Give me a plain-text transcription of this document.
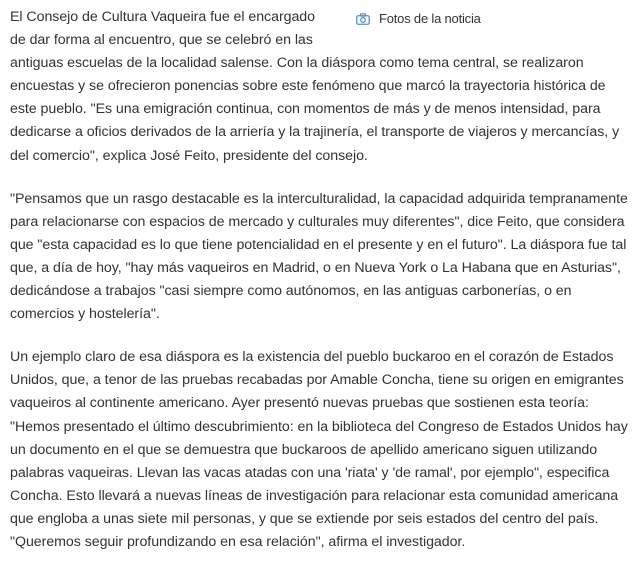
Fotos de la noticia

El Consejo de Cultura Vaqueira fue el encargado de dar forma al encuentro, que se celebró en las antiguas escuelas de la localidad salense. Con la diáspora como tema central, se realizaron encuestas y se ofrecieron ponencias sobre este fenómeno que marcó la trayectoria histórica de este pueblo. "Es una emigración continua, con momentos de más y de menos intensidad, para dedicarse a oficios derivados de la arriería y la trajinería, el transporte de viajeros y mercancías, y del comercio", explica José Feito, presidente del consejo.

"Pensamos que un rasgo destacable es la interculturalidad, la capacidad adquirida tempranamente para relacionarse con espacios de mercado y culturales muy diferentes", dice Feito, que considera que "esta capacidad es lo que tiene potencialidad en el presente y en el futuro". La diáspora fue tal que, a día de hoy, "hay más vaqueiros en Madrid, o en Nueva York o La Habana que en Asturias", dedicándose a trabajos "casi siempre como autónomos, en las antiguas carbonerías, o en comercios y hostelería".

Un ejemplo claro de esa diáspora es la existencia del pueblo buckaroo en el corazón de Estados Unidos, que, a tenor de las pruebas recabadas por Amable Concha, tiene su origen en emigrantes vaqueiros al continente americano. Ayer presentó nuevas pruebas que sostienen esta teoría: "Hemos presentado el último descubrimiento: en la biblioteca del Congreso de Estados Unidos hay un documento en el que se demuestra que buckaroos de apellido americano siguen utilizando palabras vaqueiras. Llevan las vacas atadas con una 'riata' y 'de ramal', por ejemplo", especifica Concha. Esto llevará a nuevas líneas de investigación para relacionar esta comunidad americana que engloba a unas siete mil personas, y que se extiende por seis estados del centro del país. "Queremos seguir profundizando en esa relación", afirma el investigador.
